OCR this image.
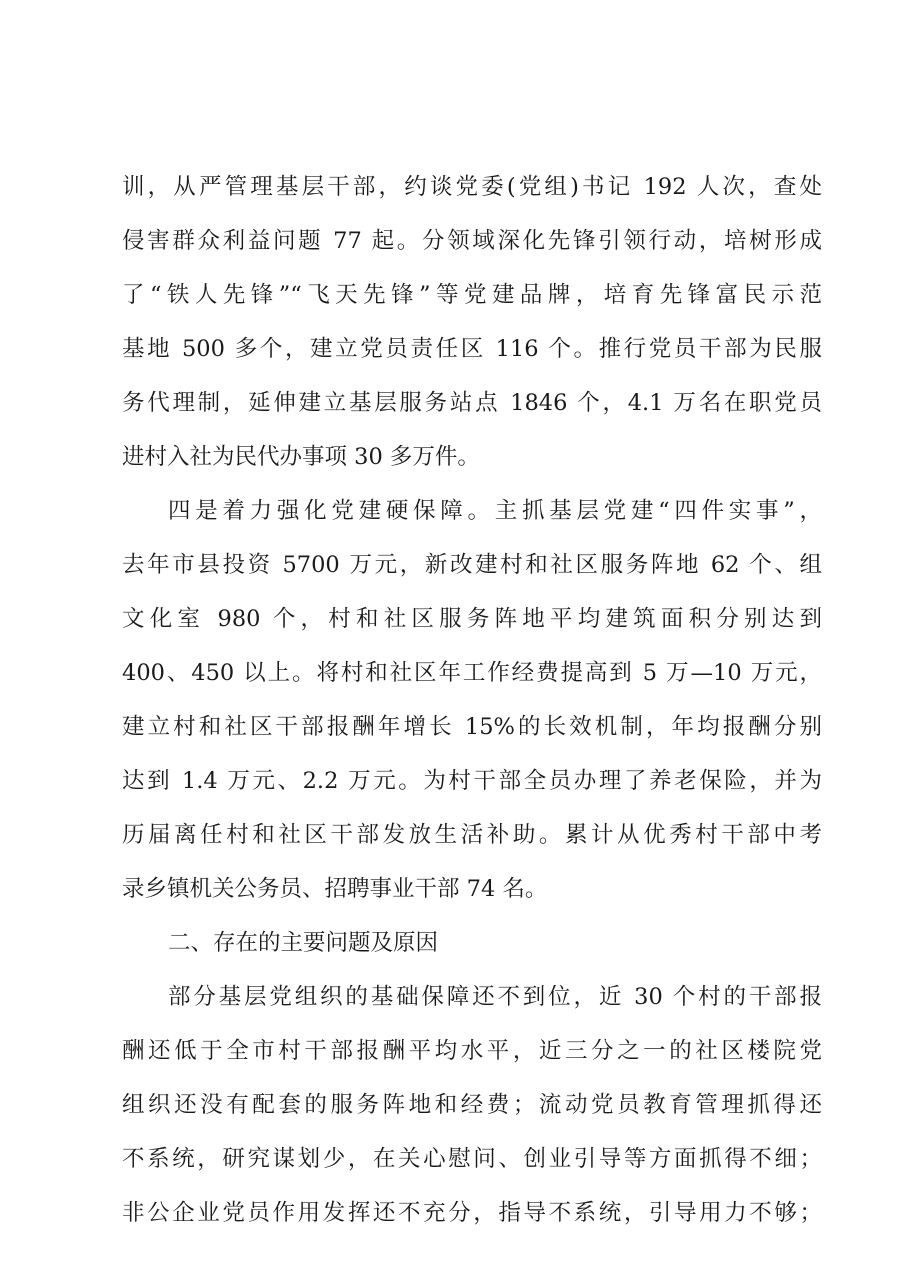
训，从严管理基层干部，约谈党委(党组)书记 192 人次，查处
侵害群众利益问题 77 起。分领域深化先锋引领行动，培树形成
了“铁人先锋”“飞天先锋”等党建品牌，培育先锋富民示范
基地 500 多个，建立党员责任区 116 个。推行党员干部为民服
务代理制，延伸建立基层服务站点 1846 个，4.1 万名在职党员
进村入社为民代办事项 30 多万件。
四是着力强化党建硬保障。主抓基层党建“四件实事”，
去年市县投资 5700 万元，新改建村和社区服务阵地 62 个、组
文化室 980 个，村和社区服务阵地平均建筑面积分别达到
400、450 以上。将村和社区年工作经费提高到 5 万—10 万元，
建立村和社区干部报酬年增长 15%的长效机制，年均报酬分别
达到 1.4 万元、2.2 万元。为村干部全员办理了养老保险，并为
历届离任村和社区干部发放生活补助。累计从优秀村干部中考
录乡镇机关公务员、招聘事业干部 74 名。
二、存在的主要问题及原因
部分基层党组织的基础保障还不到位，近 30 个村的干部报
酬还低于全市村干部报酬平均水平，近三分之一的社区楼院党
组织还没有配套的服务阵地和经费；流动党员教育管理抓得还
不系统，研究谋划少，在关心慰问、创业引导等方面抓得不细；
非公企业党员作用发挥还不充分，指导不系统，引导用力不够；
